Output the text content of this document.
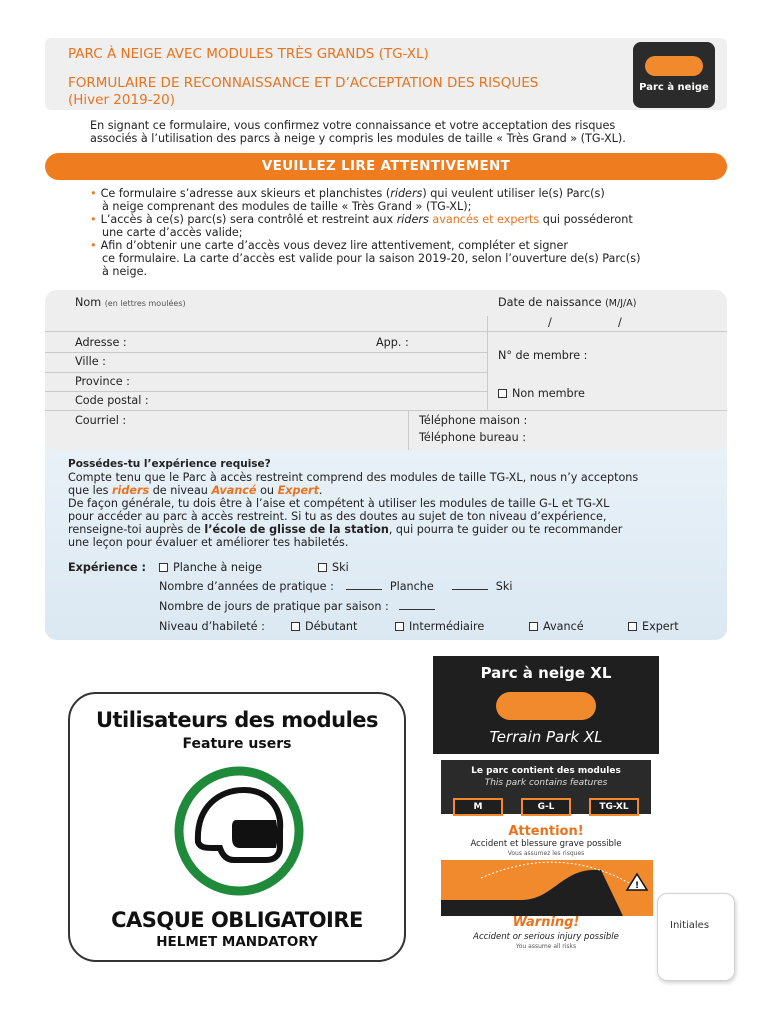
PARC À NEIGE AVEC MODULES TRÈS GRANDS (TG-XL)
FORMULAIRE DE RECONNAISSANCE ET D’ACCEPTATION DES RISQUES
(Hiver 2019-20)
Parc à neige
En signant ce formulaire, vous confirmez votre connaissance et votre acceptation des risques
associés à l’utilisation des parcs à neige y compris les modules de taille « Très Grand » (TG-XL).
VEUILLEZ LIRE ATTENTIVEMENT
• Ce formulaire s’adresse aux skieurs et planchistes (riders) qui veulent utiliser le(s) Parc(s)
à neige comprenant des modules de taille « Très Grand » (TG-XL);
• L’accès à ce(s) parc(s) sera contrôlé et restreint aux riders avancés et experts qui posséderont
une carte d’accès valide;
• Afin d’obtenir une carte d’accès vous devez lire attentivement, compléter et signer
ce formulaire. La carte d’accès est valide pour la saison 2019-20, selon l’ouverture de(s) Parc(s)
à neige.
Nom (en lettres moulées)	Date de naissance (M/J/A)
/	/
Adresse :	App. :
Ville :
Province :
Code postal :
N° de membre :
Non membre
Courriel :	Téléphone maison :
Téléphone bureau :
Possédes-tu l’expérience requise?
Compte tenu que le Parc à accès restreint comprend des modules de taille TG-XL, nous n’y acceptons
que les riders de niveau Avancé ou Expert.
De façon générale, tu dois être à l’aise et compétent à utiliser les modules de taille G-L et TG-XL
pour accéder au parc à accès restreint. Si tu as des doutes au sujet de ton niveau d’expérience,
renseigne-toi auprès de l’école de glisse de la station, qui pourra te guider ou te recommander
une leçon pour évaluer et améliorer tes habiletés.
Expérience :	Planche à neige	Ski
Nombre d’années de pratique :	Planche	Ski
Nombre de jours de pratique par saison :
Niveau d’habileté :	Débutant	Intermédiaire	Avancé	Expert
Utilisateurs des modules
Feature users
CASQUE OBLIGATOIRE
HELMET MANDATORY
Parc à neige XL
Terrain Park XL
Le parc contient des modules
This park contains features
M	G-L	TG-XL
Attention!
Accident et blessure grave possible
Vous assumez les risques
!
Warning!
Accident or serious injury possible
You assume all risks
Initiales
